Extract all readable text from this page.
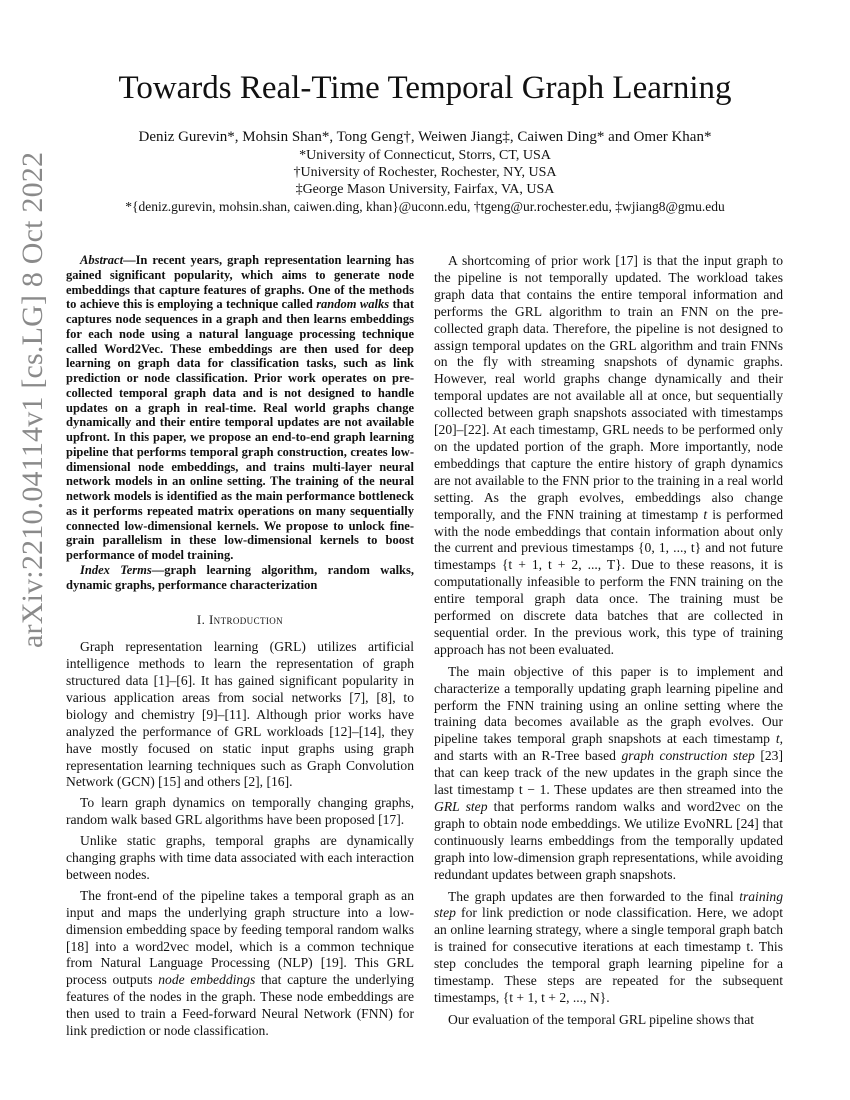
arXiv:2210.04114v1 [cs.LG] 8 Oct 2022
Towards Real-Time Temporal Graph Learning
Deniz Gurevin*, Mohsin Shan*, Tong Geng†, Weiwen Jiang‡, Caiwen Ding* and Omer Khan*
*University of Connecticut, Storrs, CT, USA
†University of Rochester, Rochester, NY, USA
‡George Mason University, Fairfax, VA, USA
*{deniz.gurevin, mohsin.shan, caiwen.ding, khan}@uconn.edu, †tgeng@ur.rochester.edu, ‡wjiang8@gmu.edu

Abstract—In recent years, graph representation learning has gained significant popularity, which aims to generate node embeddings that capture features of graphs. One of the methods to achieve this is employing a technique called random walks that captures node sequences in a graph and then learns embeddings for each node using a natural language processing technique called Word2Vec. These embeddings are then used for deep learning on graph data for classification tasks, such as link prediction or node classification. Prior work operates on pre-collected temporal graph data and is not designed to handle updates on a graph in real-time. Real world graphs change dynamically and their entire temporal updates are not available upfront. In this paper, we propose an end-to-end graph learning pipeline that performs temporal graph construction, creates low-dimensional node embeddings, and trains multi-layer neural network models in an online setting. The training of the neural network models is identified as the main performance bottleneck as it performs repeated matrix operations on many sequentially connected low-dimensional kernels. We propose to unlock fine-grain parallelism in these low-dimensional kernels to boost performance of model training.

Index Terms—graph learning algorithm, random walks, dynamic graphs, performance characterization

I. Introduction

Graph representation learning (GRL) utilizes artificial intelligence methods to learn the representation of graph structured data [1]–[6]. It has gained significant popularity in various application areas from social networks [7], [8], to biology and chemistry [9]–[11]. Although prior works have analyzed the performance of GRL workloads [12]–[14], they have mostly focused on static input graphs using graph representation learning techniques such as Graph Convolution Network (GCN) [15] and others [2], [16].

To learn graph dynamics on temporally changing graphs, random walk based GRL algorithms have been proposed [17].

Unlike static graphs, temporal graphs are dynamically changing graphs with time data associated with each interaction between nodes.

The front-end of the pipeline takes a temporal graph as an input and maps the underlying graph structure into a low-dimension embedding space by feeding temporal random walks [18] into a word2vec model, which is a common technique from Natural Language Processing (NLP) [19]. This GRL process outputs node embeddings that capture the underlying features of the nodes in the graph. These node embeddings are then used to train a Feed-forward Neural Network (FNN) for link prediction or node classification.

A shortcoming of prior work [17] is that the input graph to the pipeline is not temporally updated. The workload takes graph data that contains the entire temporal information and performs the GRL algorithm to train an FNN on the pre-collected graph data. Therefore, the pipeline is not designed to assign temporal updates on the GRL algorithm and train FNNs on the fly with streaming snapshots of dynamic graphs. However, real world graphs change dynamically and their temporal updates are not available all at once, but sequentially collected between graph snapshots associated with timestamps [20]–[22]. At each timestamp, GRL needs to be performed only on the updated portion of the graph. More importantly, node embeddings that capture the entire history of graph dynamics are not available to the FNN prior to the training in a real world setting. As the graph evolves, embeddings also change temporally, and the FNN training at timestamp t is performed with the node embeddings that contain information about only the current and previous timestamps {0, 1, ..., t} and not future timestamps {t + 1, t + 2, ..., T}. Due to these reasons, it is computationally infeasible to perform the FNN training on the entire temporal graph data once. The training must be performed on discrete data batches that are collected in sequential order. In the previous work, this type of training approach has not been evaluated.

The main objective of this paper is to implement and characterize a temporally updating graph learning pipeline and perform the FNN training using an online setting where the training data becomes available as the graph evolves. Our pipeline takes temporal graph snapshots at each timestamp t, and starts with an R-Tree based graph construction step [23] that can keep track of the new updates in the graph since the last timestamp t − 1. These updates are then streamed into the GRL step that performs random walks and word2vec on the graph to obtain node embeddings. We utilize EvoNRL [24] that continuously learns embeddings from the temporally updated graph into low-dimension graph representations, while avoiding redundant updates between graph snapshots.

The graph updates are then forwarded to the final training step for link prediction or node classification. Here, we adopt an online learning strategy, where a single temporal graph batch is trained for consecutive iterations at each timestamp t. This step concludes the temporal graph learning pipeline for a timestamp. These steps are repeated for the subsequent timestamps, {t + 1, t + 2, ..., N}.

Our evaluation of the temporal GRL pipeline shows that
